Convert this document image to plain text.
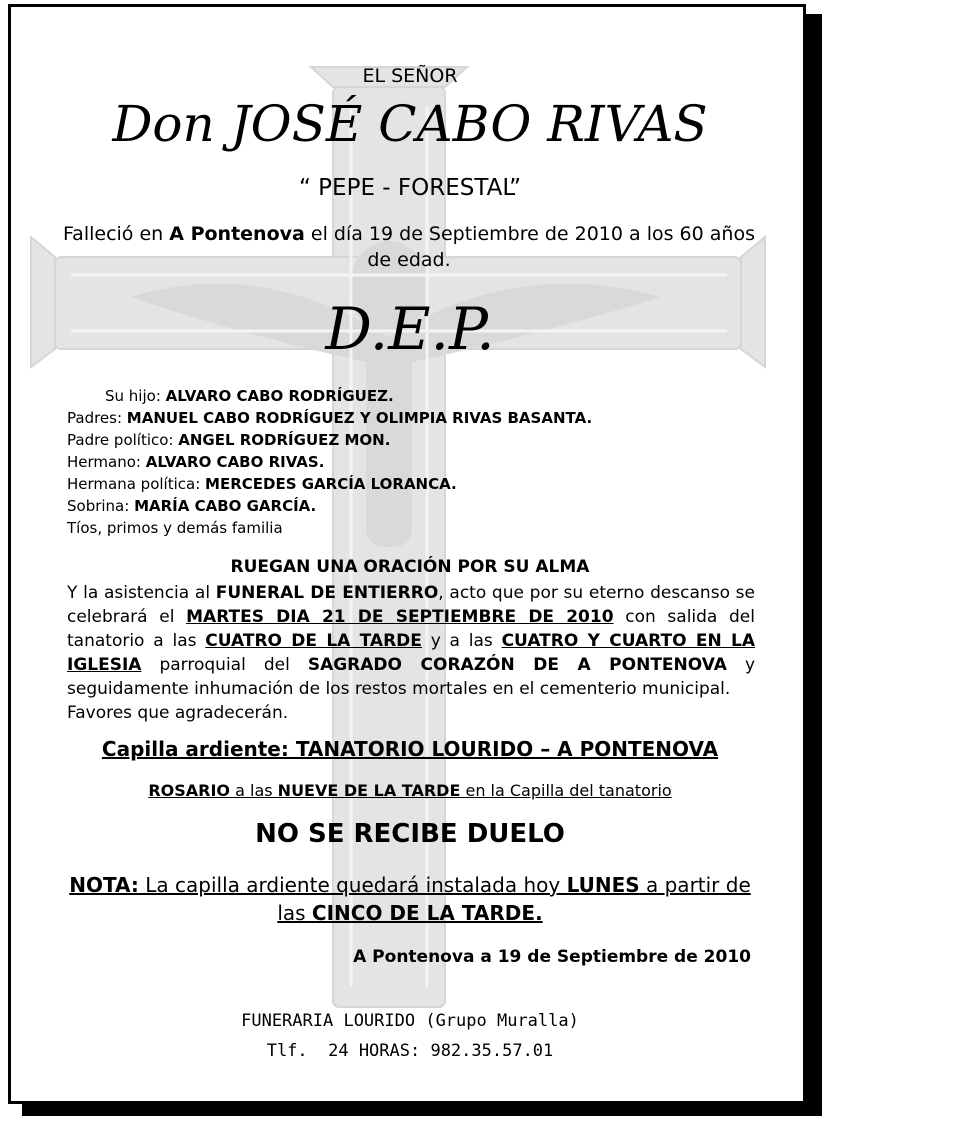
EL SEÑOR
Don JOSÉ CABO RIVAS
“ PEPE - FORESTAL”
Falleció en A Pontenova el día 19 de Septiembre de 2010 a los 60 años de edad.
D.E.P.
Su hijo: ALVARO CABO RODRÍGUEZ.
Padres: MANUEL CABO RODRÍGUEZ Y OLIMPIA RIVAS BASANTA.
Padre político: ANGEL RODRÍGUEZ MON.
Hermano: ALVARO CABO RIVAS.
Hermana política: MERCEDES GARCÍA LORANCA.
Sobrina: MARÍA CABO GARCÍA.
Tíos, primos y demás familia
RUEGAN UNA ORACIÓN POR SU ALMA
Y la asistencia al FUNERAL DE ENTIERRO, acto que por su eterno descanso se celebrará el MARTES DIA 21 DE SEPTIEMBRE DE 2010 con salida del tanatorio a las CUATRO DE LA TARDE y a las CUATRO Y CUARTO EN LA IGLESIA parroquial del SAGRADO CORAZÓN DE A PONTENOVA y seguidamente inhumación de los restos mortales en el cementerio municipal.
Favores que agradecerán.
Capilla ardiente: TANATORIO LOURIDO – A PONTENOVA
ROSARIO a las NUEVE DE LA TARDE en la Capilla del tanatorio
NO SE RECIBE DUELO
NOTA: La capilla ardiente quedará instalada hoy LUNES a partir de las CINCO DE LA TARDE.
A Pontenova a 19 de Septiembre de 2010
FUNERARIA LOURIDO (Grupo Muralla)
Tlf.  24 HORAS: 982.35.57.01
